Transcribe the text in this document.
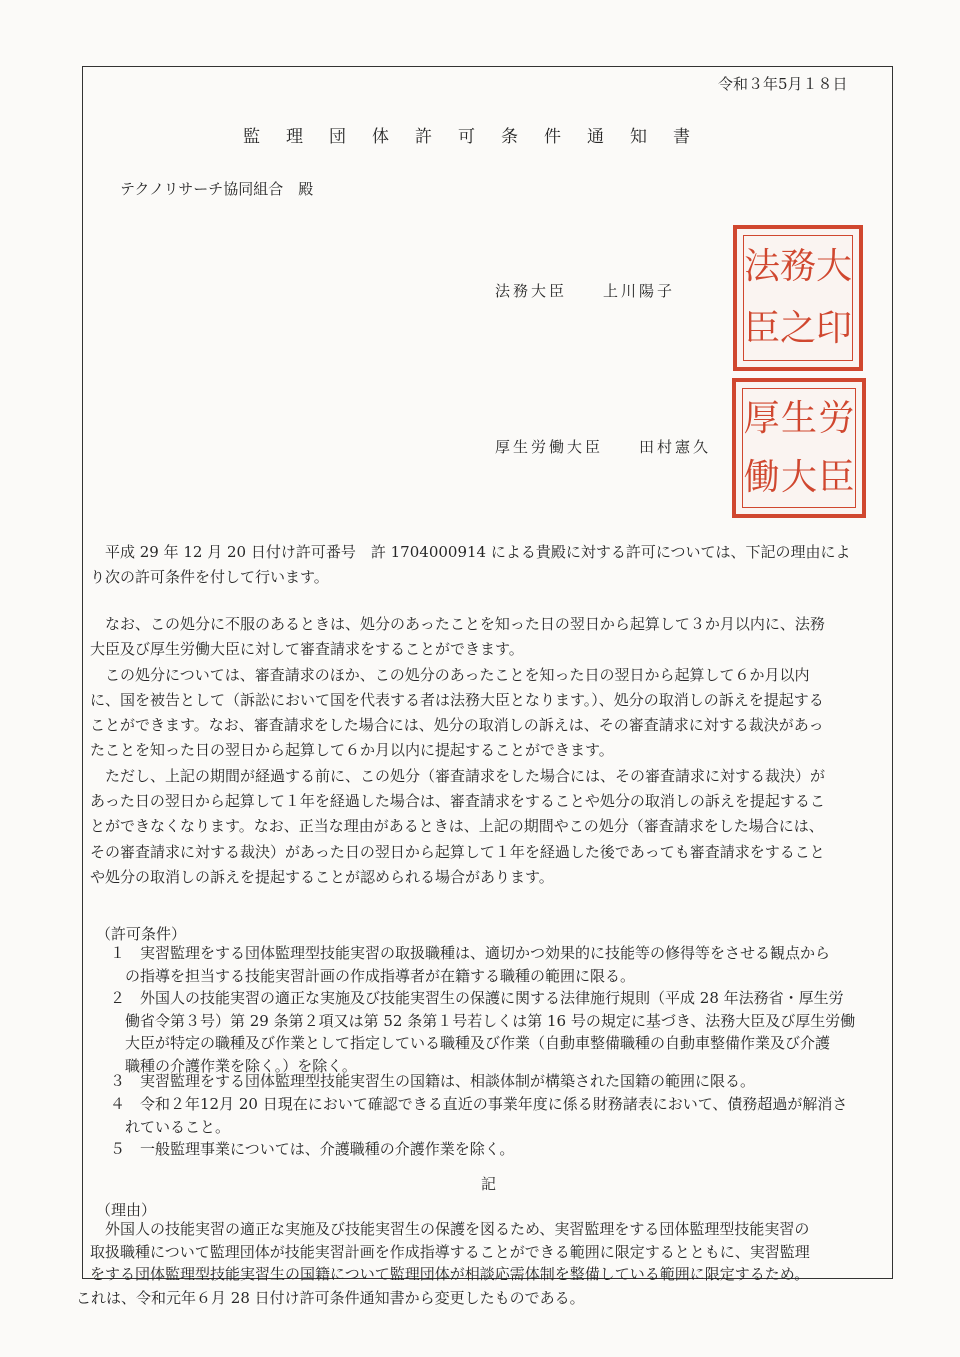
令和３年5月１８日
監理団体許可条件通知書
テクノリサーチ協同組合　殿
法務大臣　　上川陽子
厚生労働大臣　　田村憲久
法 務 大
臣 之 印
厚 生 労
働 大 臣
　平成 29 年 12 月 20 日付け許可番号　許 1704000914 による貴殿に対する許可については、下記の理由によ
り次の許可条件を付して行います。
　なお、この処分に不服のあるときは、処分のあったことを知った日の翌日から起算して３か月以内に、法務
大臣及び厚生労働大臣に対して審査請求をすることができます。
　この処分については、審査請求のほか、この処分のあったことを知った日の翌日から起算して６か月以内
に、国を被告として（訴訟において国を代表する者は法務大臣となります。）、処分の取消しの訴えを提起する
ことができます。なお、審査請求をした場合には、処分の取消しの訴えは、その審査請求に対する裁決があっ
たことを知った日の翌日から起算して６か月以内に提起することができます。
　ただし、上記の期間が経過する前に、この処分（審査請求をした場合には、その審査請求に対する裁決）が
あった日の翌日から起算して１年を経過した場合は、審査請求をすることや処分の取消しの訴えを提起するこ
とができなくなります。なお、正当な理由があるときは、上記の期間やこの処分（審査請求をした場合には、
その審査請求に対する裁決）があった日の翌日から起算して１年を経過した後であっても審査請求をすること
や処分の取消しの訴えを提起することが認められる場合があります。
（許可条件）
１　実習監理をする団体監理型技能実習の取扱職種は、適切かつ効果的に技能等の修得等をさせる観点から
　の指導を担当する技能実習計画の作成指導者が在籍する職種の範囲に限る。
２　外国人の技能実習の適正な実施及び技能実習生の保護に関する法律施行規則（平成 28 年法務省・厚生労
　働省令第３号）第 29 条第２項又は第 52 条第１号若しくは第 16 号の規定に基づき、法務大臣及び厚生労働
　大臣が特定の職種及び作業として指定している職種及び作業（自動車整備職種の自動車整備作業及び介護
　職種の介護作業を除く。）を除く。
３　実習監理をする団体監理型技能実習生の国籍は、相談体制が構築された国籍の範囲に限る。
４　令和２年12月 20 日現在において確認できる直近の事業年度に係る財務諸表において、債務超過が解消さ
　れていること。
５　一般監理事業については、介護職種の介護作業を除く。
記
（理由）
　外国人の技能実習の適正な実施及び技能実習生の保護を図るため、実習監理をする団体監理型技能実習の
取扱職種について監理団体が技能実習計画を作成指導することができる範囲に限定するとともに、実習監理
をする団体監理型技能実習生の国籍について監理団体が相談応需体制を整備している範囲に限定するため。
これは、令和元年６月 28 日付け許可条件通知書から変更したものである。
